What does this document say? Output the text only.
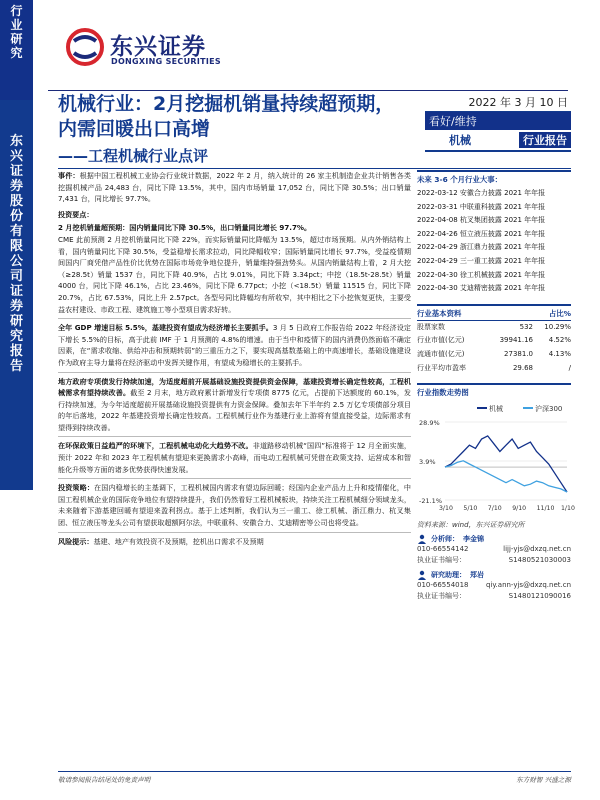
行
业
研
究
东
兴
证
券
股
份
有
限
公
司
证
券
研
究
报
告
东兴证券
DONGXING SECURITIES
机械行业：2月挖掘机销量持续超预期，内需回暖出口高增
——工程机械行业点评
2022 年 3 月 10 日
看好/维持
机械	行业报告
事件：根据中国工程机械工业协会行业统计数据，2022 年 2 月，纳入统计的 26 家主机制造企业共计销售各类挖掘机械产品 24,483 台，同比下降 13.5%，其中，国内市场销量 17,052 台，同比下降 30.5%；出口销量 7,431 台，同比增长 97.7%。
投资要点：
2 月挖机销量超预期：国内销量同比下降 30.5%，出口销量同比增长 97.7%。
CME 此前预测 2 月挖机销量同比下降 22%，而实际销量同比降幅为 13.5%，超过市场预期。从内外销结构上看，国内销量同比下降 30.5%，受益稳增长需求拉动，同比降幅收窄；国际销量同比增长 97.7%，受益疫情期间国内厂商凭借产品性价比优势在国际市场竞争地位提升，销量维持强劲势头。从国内销量结构上看，2 月大挖（≥28.5t）销量 1537 台，同比下降 40.9%，占比 9.01%，同比下降 3.34pct；中挖（18.5t-28.5t）销量 4000 台，同比下降 46.1%，占比 23.46%，同比下降 6.77pct；小挖（<18.5t）销量 11515 台，同比下降 20.7%，占比 67.53%，同比上升 2.57pct。各型号同比降幅均有所收窄，其中相比之下小挖恢复更快，主要受益农村建设、市政工程、建筑施工等小型项目需求好转。
全年 GDP 增速目标 5.5%，基建投资有望成为经济增长主要抓手。3 月 5 日政府工作报告给 2022 年经济设定下增长 5.5%的目标，高于此前 IMF 于 1 月预测的 4.8%的增速。由于当中和疫情下的国内消费仍然面临不确定因素，在“需求收缩、供给冲击和预期转弱”的三重压力之下，要实现高基数基础上的中高速增长，基础设施建设作为政府主导力量将在经济驱动中发挥关键作用，有望成为稳增长的主要抓手。
地方政府专项债发行持续加速，为适度超前开展基础设施投资提供资金保障，基建投资增长确定性较高，工程机械需求有望持续改善。截至 2 月末，地方政府累计新增发行专项债 8775 亿元，占提前下达额度的 60.1%，发行持续加速，为今年适度超前开展基础设施投资提供有力资金保障。叠加去年下半年约 2.5 万亿专项债部分项目的年后落地，2022 年基建投资增长确定性较高。工程机械行业作为基建行业上游将有望直接受益，边际需求有望得到持续改善。
在环保政策日益趋严的环境下，工程机械电动化大趋势不改。非道路移动机械“国四”标准将于 12 月全面实施，预计 2022 年和 2023 年工程机械有望迎来更换需求小高峰，而电动工程机械可凭借在政策支持、运营成本和智能化升级等方面的诸多优势获得快速发展。
投资策略：在国内稳增长的主基调下，工程机械国内需求有望边际回暖；经国内企业产品力上升和疫情催化，中国工程机械企业的国际竞争地位有望持续提升，我们仍然看好工程机械板块，持续关注工程机械细分领域龙头，未来随着下游基建回暖有望迎来盈利拐点。基于上述判断，我们认为三一重工、徐工机械、浙江鼎力、杭叉集团、恒立液压等龙头公司有望获取超额阿尔法，中联重科、安徽合力、艾迪精密等公司也将受益。
风险提示：基建、地产有效投资不及预期，挖机出口需求不及预期
未来 3-6 个月行业大事：
2022-03-12 安徽合力披露 2021 年年报
2022-03-31 中联重科披露 2021 年年报
2022-04-08 杭叉集团披露 2021 年年报
2022-04-26 恒立液压披露 2021 年年报
2022-04-29 浙江鼎力披露 2021 年年报
2022-04-29 三一重工披露 2021 年年报
2022-04-30 徐工机械披露 2021 年年报
2022-04-30 艾迪精密披露 2021 年年报
行业基本资料	占比%
股票家数	532	10.29%
行业市值(亿元)	39941.16	4.52%
流通市值(亿元)	27381.0	4.13%
行业平均市盈率	29.68	/
行业指数走势图
机械	沪深300
28.9%
3.9%
-21.1%
3/10 5/10 7/10 9/10 11/10 1/10
资料来源：wind，东兴证券研究所
分析师： 李金锦
010-66554142	lijj-yjs@dxzq.net.cn
执业证书编号：	S1480521030003
研究助理： 郑岩
010-66554018	qiy.ann-yjs@dxzq.net.cn
执业证书编号：	S1480121090016
敬请参阅报告结尾处的免责声明	东方财智 兴盛之源
